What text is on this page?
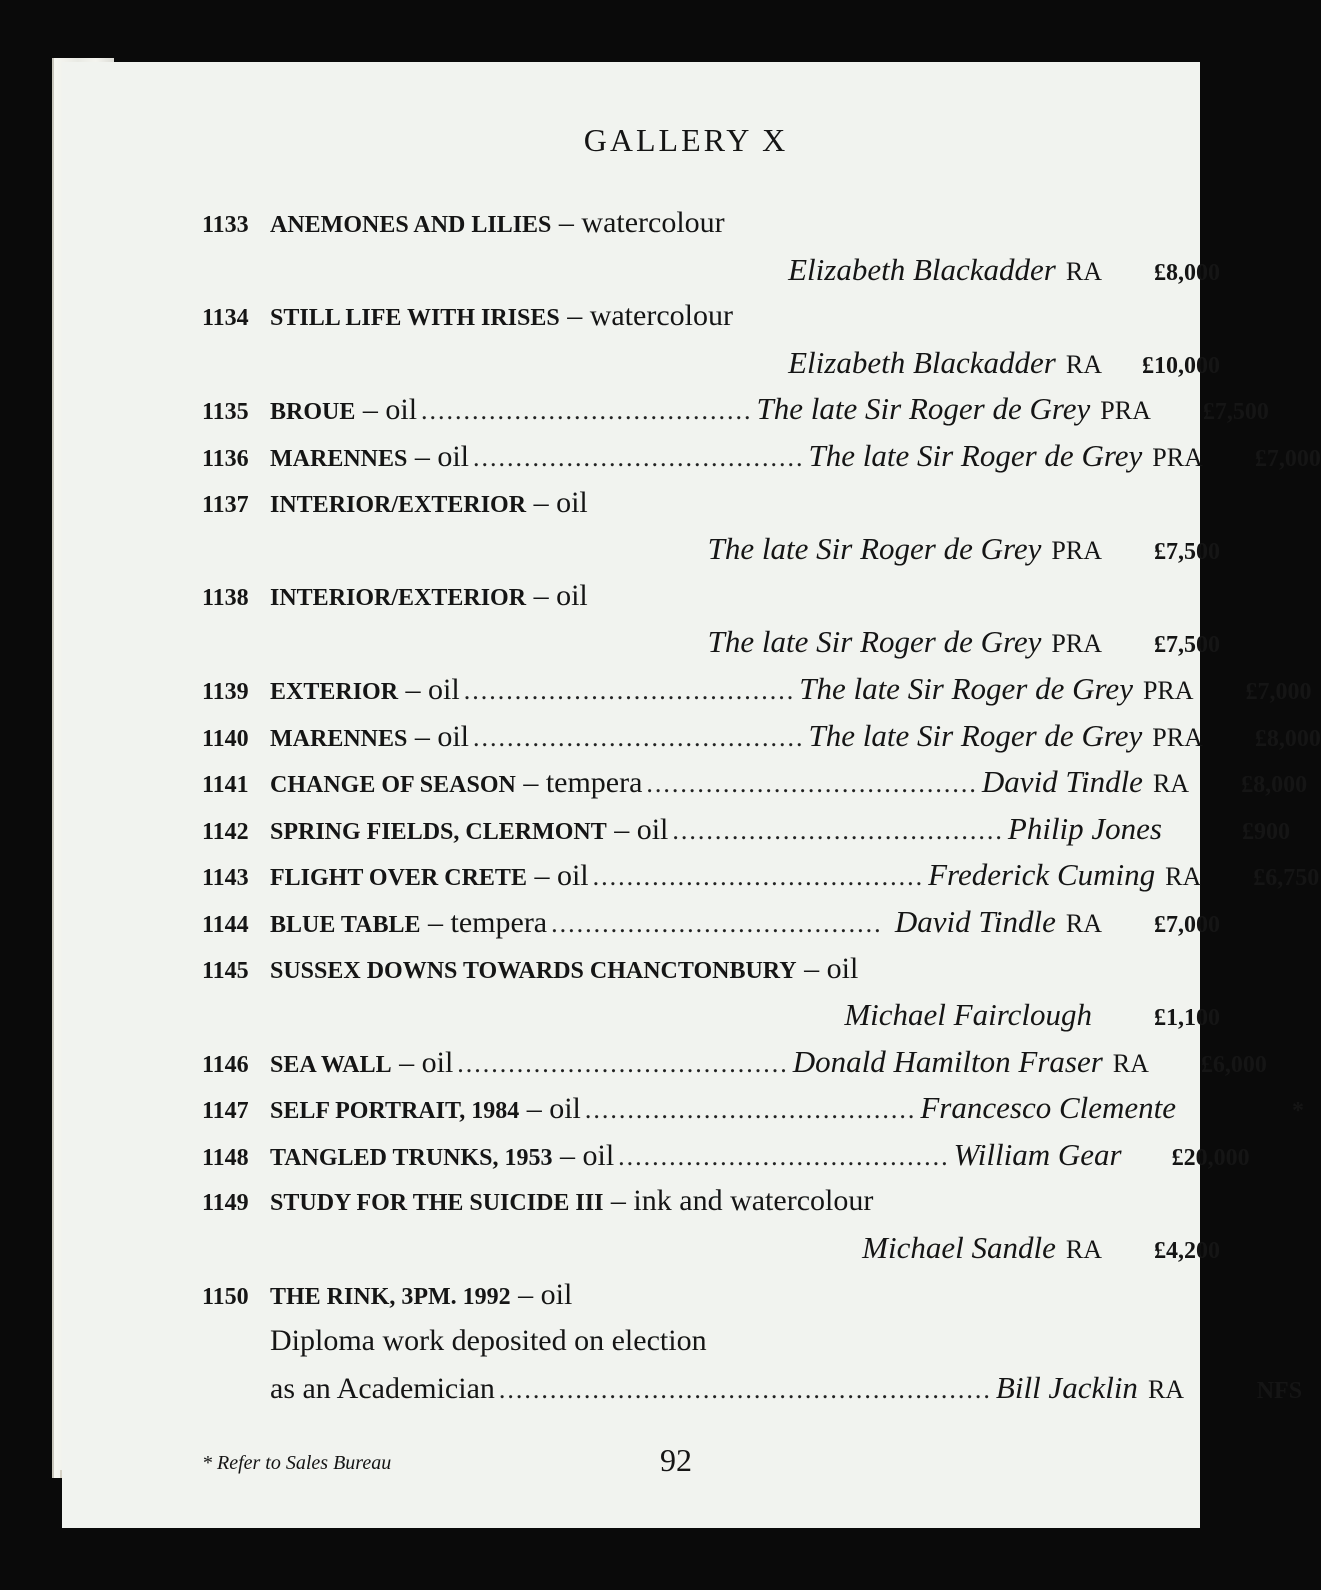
GALLERY X
1133 ANEMONES AND LILIES – watercolour
Elizabeth Blackadder RA	£8,000
1134 STILL LIFE WITH IRISES – watercolour
Elizabeth Blackadder RA	£10,000
1135 BROUE – oil ....................................... The late Sir Roger de Grey PRA	£7,500
1136 MARENNES – oil ....................................... The late Sir Roger de Grey PRA	£7,000
1137 INTERIOR/EXTERIOR – oil
The late Sir Roger de Grey PRA	£7,500
1138 INTERIOR/EXTERIOR – oil
The late Sir Roger de Grey PRA	£7,500
1139 EXTERIOR – oil ....................................... The late Sir Roger de Grey PRA	£7,000
1140 MARENNES – oil ....................................... The late Sir Roger de Grey PRA	£8,000
1141 CHANGE OF SEASON – tempera ....................................... David Tindle RA	£8,000
1142 SPRING FIELDS, CLERMONT – oil ....................................... Philip Jones	£900
1143 FLIGHT OVER CRETE – oil ....................................... Frederick Cuming RA	£6,750
1144 BLUE TABLE – tempera ....................................... David Tindle RA	£7,000
1145 SUSSEX DOWNS TOWARDS CHANCTONBURY – oil
Michael Fairclough	£1,100
1146 SEA WALL – oil ....................................... Donald Hamilton Fraser RA	£6,000
1147 SELF PORTRAIT, 1984 – oil ....................................... Francesco Clemente	*
1148 TANGLED TRUNKS, 1953 – oil ....................................... William Gear	£20,000
1149 STUDY FOR THE SUICIDE III – ink and watercolour
Michael Sandle RA	£4,200
1150 THE RINK, 3PM. 1992 – oil
Diploma work deposited on election
as an Academician .......................................................... Bill Jacklin RA	NFS
* Refer to Sales Bureau	92
